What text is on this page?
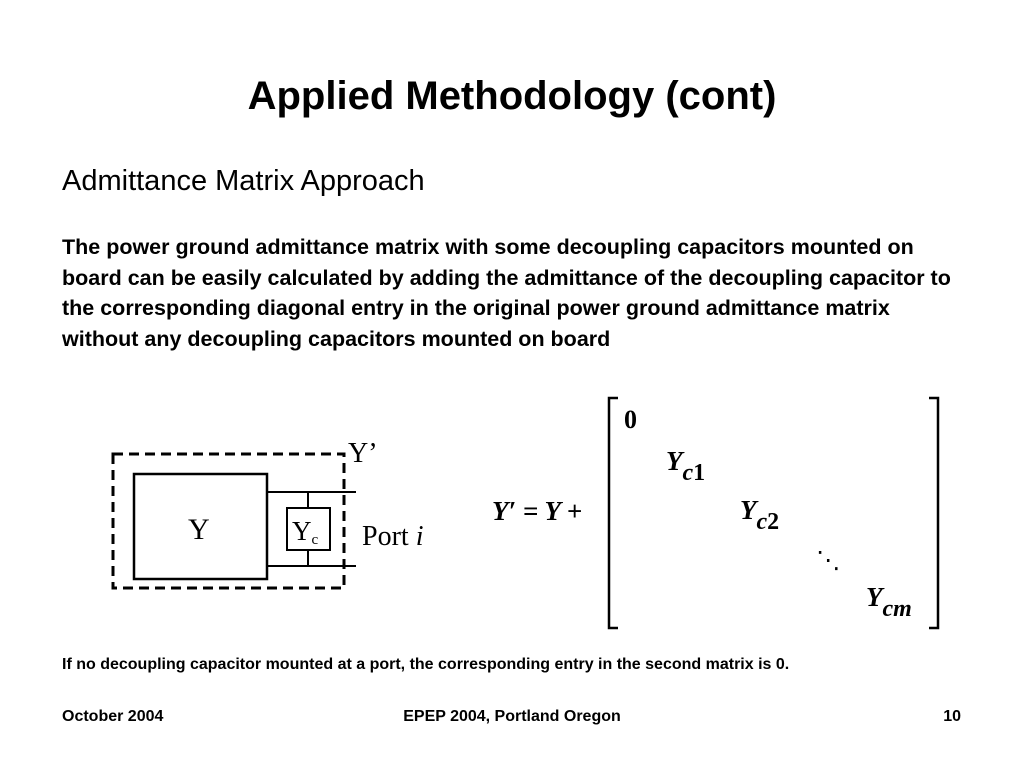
Applied Methodology (cont)
Admittance Matrix Approach
The power ground admittance matrix with some decoupling capacitors mounted on board can be easily calculated by adding the admittance of the decoupling capacitor to the corresponding diagonal entry in the original power ground admittance matrix without any decoupling capacitors mounted on board
Y’
Y	Yc Port i
Y′ = Y +
0
Yc1
Yc2
⋱
Ycm
If no decoupling capacitor mounted at a port, the corresponding entry in the second matrix is 0.
October 2004	EPEP 2004, Portland Oregon	10
